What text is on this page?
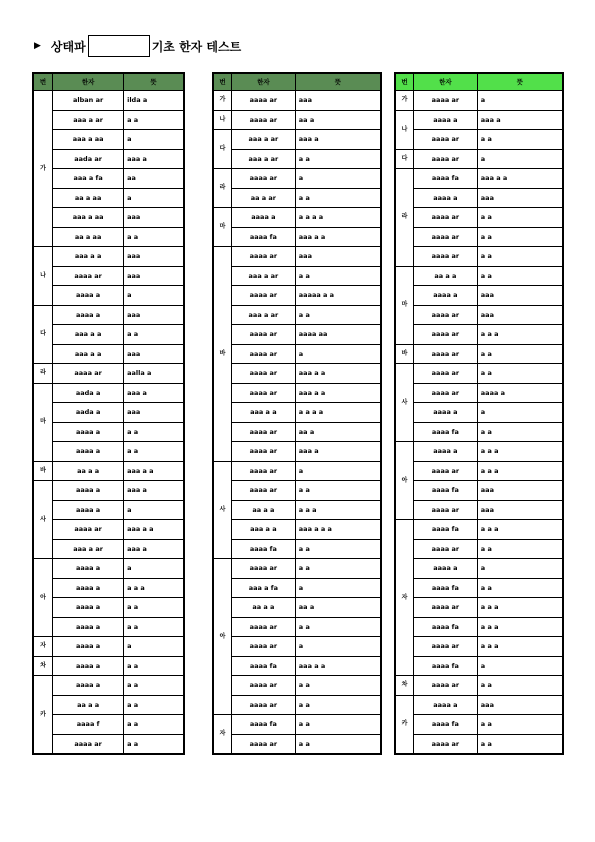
▶ 상태파	기초 한자 테스트
번	한자	뜻
가	alban ar	ilda a
	aaa a ar	a a
	aaa a aa	a
	aada ar	aaa a
	aaa a fa	aa
	aa a aa	a
	aaa a aa	aaa
	aa a aa	a a
나	aaa a a	aaa
	aaaa ar	aaa
	aaaa a	a
다	aaaa a	aaa
	aaa a a	a a
	aaa a a	aaa
라	aaaa ar	aalla a
마	aada a	aaa a
	aada a	aaa
	aaaa a	a a
	aaaa a	a a
바	aa a a	aaa a a
사	aaaa a	aaa a
	aaaa a	a
	aaaa ar	aaa a a
	aaa a ar	aaa a
아	aaaa a	a
	aaaa a	a a a
	aaaa a	a a
	aaaa a	a a
자	aaaa a	a
차	aaaa a	a a
카	aaaa a	a a
	aa a a	a a
	aaaa f	a a
	aaaa ar	a a
번	한자	뜻
가	aaaa ar	aaa
나	aaaa ar	aa a
다	aaa a ar	aaa a
	aaa a ar	a a
라	aaaa ar	a
	aa a ar	a a
마	aaaa a	a a a a
	aaaa fa	aaa a a
바	aaaa ar	aaa
	aaa a ar	a a
	aaaa ar	aaaaa a a
	aaa a ar	a a
	aaaa ar	aaaa aa
	aaaa ar	a
	aaaa ar	aaa a a
	aaaa ar	aaa a a
	aaa a a	a a a a
	aaaa ar	aa a
	aaaa ar	aaa a
사	aaaa ar	a
	aaaa ar	a a
	aa a a	a a a
	aaa a a	aaa a a a
	aaaa fa	a a
아	aaaa ar	a a
	aaa a fa	a
	aa a a	aa a
	aaaa ar	a a
	aaaa ar	a
	aaaa fa	aaa a a
	aaaa ar	a a
	aaaa ar	a a
자	aaaa fa	a a
	aaaa ar	a a
번	한자	뜻
가	aaaa ar	a
나	aaaa a	aaa a
	aaaa ar	a a
다	aaaa ar	a
라	aaaa fa	aaa a a
	aaaa a	aaa
	aaaa ar	a a
	aaaa ar	a a
	aaaa ar	a a
마	aa a a	a a
	aaaa a	aaa
	aaaa ar	aaa
	aaaa ar	a a a
바	aaaa ar	a a
사	aaaa ar	a a
	aaaa ar	aaaa a
	aaaa a	a
	aaaa fa	a a
아	aaaa a	a a a
	aaaa ar	a a a
	aaaa fa	aaa
	aaaa ar	aaa
자	aaaa fa	a a a
	aaaa ar	a a
	aaaa a	a
	aaaa fa	a a
	aaaa ar	a a a
	aaaa fa	a a a
	aaaa ar	a a a
	aaaa fa	a
차	aaaa ar	a a
카	aaaa a	aaa
	aaaa fa	a a
	aaaa ar	a a
